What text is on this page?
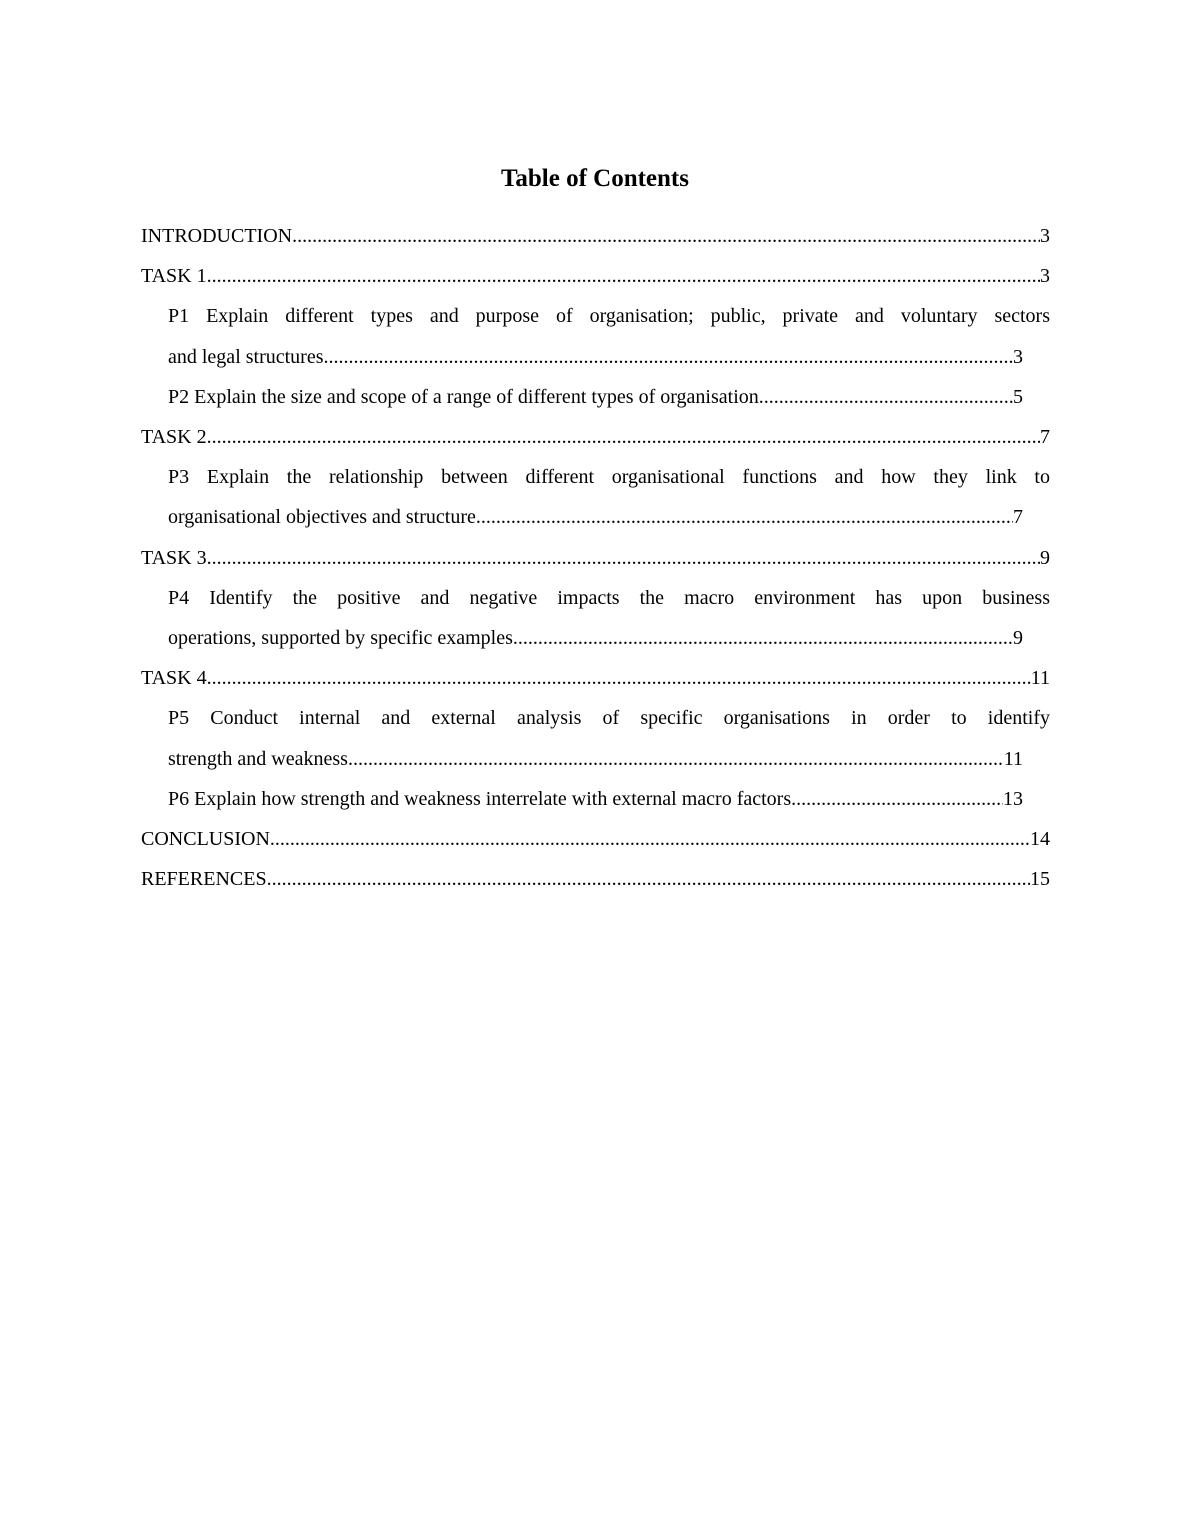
Table of Contents
INTRODUCTION .....	3
TASK 1 .....	3
P1 Explain different types and purpose of organisation; public, private and voluntary sectors
and legal structures .....	3
P2 Explain the size and scope of a range of different types of organisation .....	5
TASK 2 .....	7
P3 Explain the relationship between different organisational functions and how they link to
organisational objectives and structure .....	7
TASK 3 .....	9
P4 Identify the positive and negative impacts the macro environment has upon business
operations, supported by specific examples .....	9
TASK 4 .....	11
P5 Conduct internal and external analysis of specific organisations in order to identify
strength and weakness .....	11
P6 Explain how strength and weakness interrelate with external macro factors .....	13
CONCLUSION .....	14
REFERENCES .....	15
